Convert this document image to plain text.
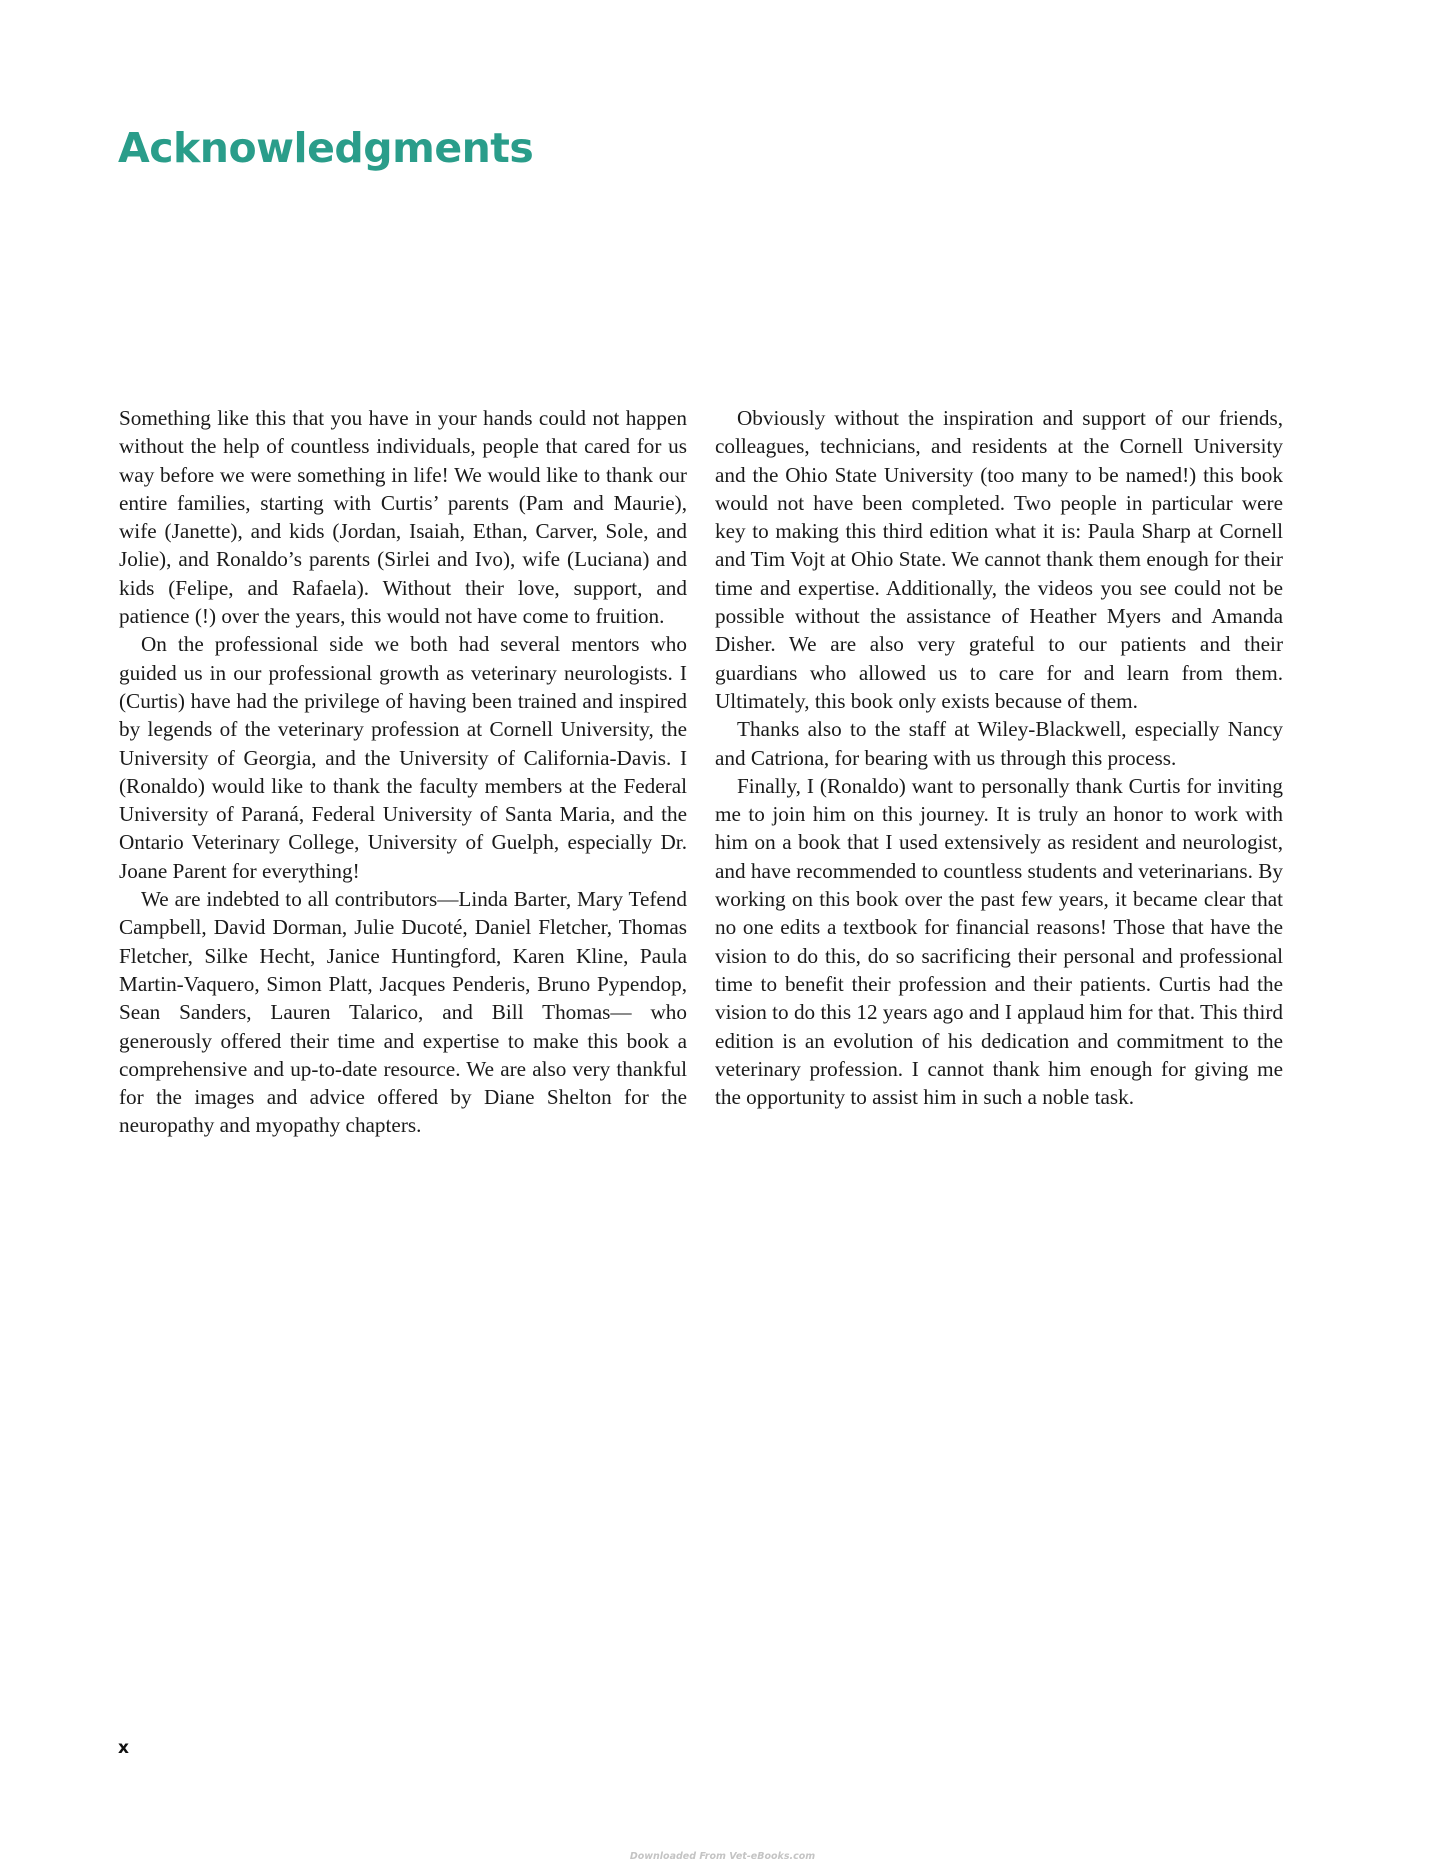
Acknowledgments

Something like this that you have in your hands could not happen without the help of countless individuals, people that cared for us way before we were something in life! We would like to thank our entire families, starting with Curtis’ parents (Pam and Maurie), wife (Janette), and kids (Jordan, Isaiah, Ethan, Carver, Sole, and Jolie), and Ronaldo’s parents (Sirlei and Ivo), wife (Luciana) and kids (Felipe, and Rafaela). Without their love, support, and patience (!) over the years, this would not have come to fruition.

On the professional side we both had several mentors who guided us in our professional growth as veterinary neurologists. I (Curtis) have had the privilege of having been trained and inspired by legends of the veterinary profession at Cornell University, the University of Georgia, and the University of California-Davis. I (Ronaldo) would like to thank the faculty members at the Federal University of Paraná, Federal University of Santa Maria, and the Ontario Veterinary College, University of Guelph, especially Dr. Joane Parent for everything!

We are indebted to all contributors—Linda Barter, Mary Tefend Campbell, David Dorman, Julie Ducoté, Daniel Fletcher, Thomas Fletcher, Silke Hecht, Janice Huntingford, Karen Kline, Paula Martin-Vaquero, Simon Platt, Jacques Penderis, Bruno Pypendop, Sean Sanders, Lauren Talarico, and Bill Thomas— who generously offered their time and expertise to make this book a comprehensive and up-to-date resource. We are also very thankful for the images and advice offered by Diane Shelton for the neuropathy and myopathy chapters.

Obviously without the inspiration and support of our friends, colleagues, technicians, and residents at the Cornell University and the Ohio State University (too many to be named!) this book would not have been completed. Two people in particular were key to making this third edition what it is: Paula Sharp at Cornell and Tim Vojt at Ohio State. We cannot thank them enough for their time and expertise. Additionally, the videos you see could not be possible without the assistance of Heather Myers and Amanda Disher. We are also very grateful to our patients and their guardians who allowed us to care for and learn from them. Ultimately, this book only exists because of them.

Thanks also to the staff at Wiley-Blackwell, especially Nancy and Catriona, for bearing with us through this process.

Finally, I (Ronaldo) want to personally thank Curtis for inviting me to join him on this journey. It is truly an honor to work with him on a book that I used extensively as resident and neurologist, and have recommended to countless students and veterinarians. By working on this book over the past few years, it became clear that no one edits a textbook for financial reasons! Those that have the vision to do this, do so sacrificing their personal and professional time to benefit their profession and their patients. Curtis had the vision to do this 12 years ago and I applaud him for that. This third edition is an evolution of his dedication and commitment to the veterinary profession. I cannot thank him enough for giving me the opportunity to assist him in such a noble task.

x
Downloaded From Vet-eBooks.com
